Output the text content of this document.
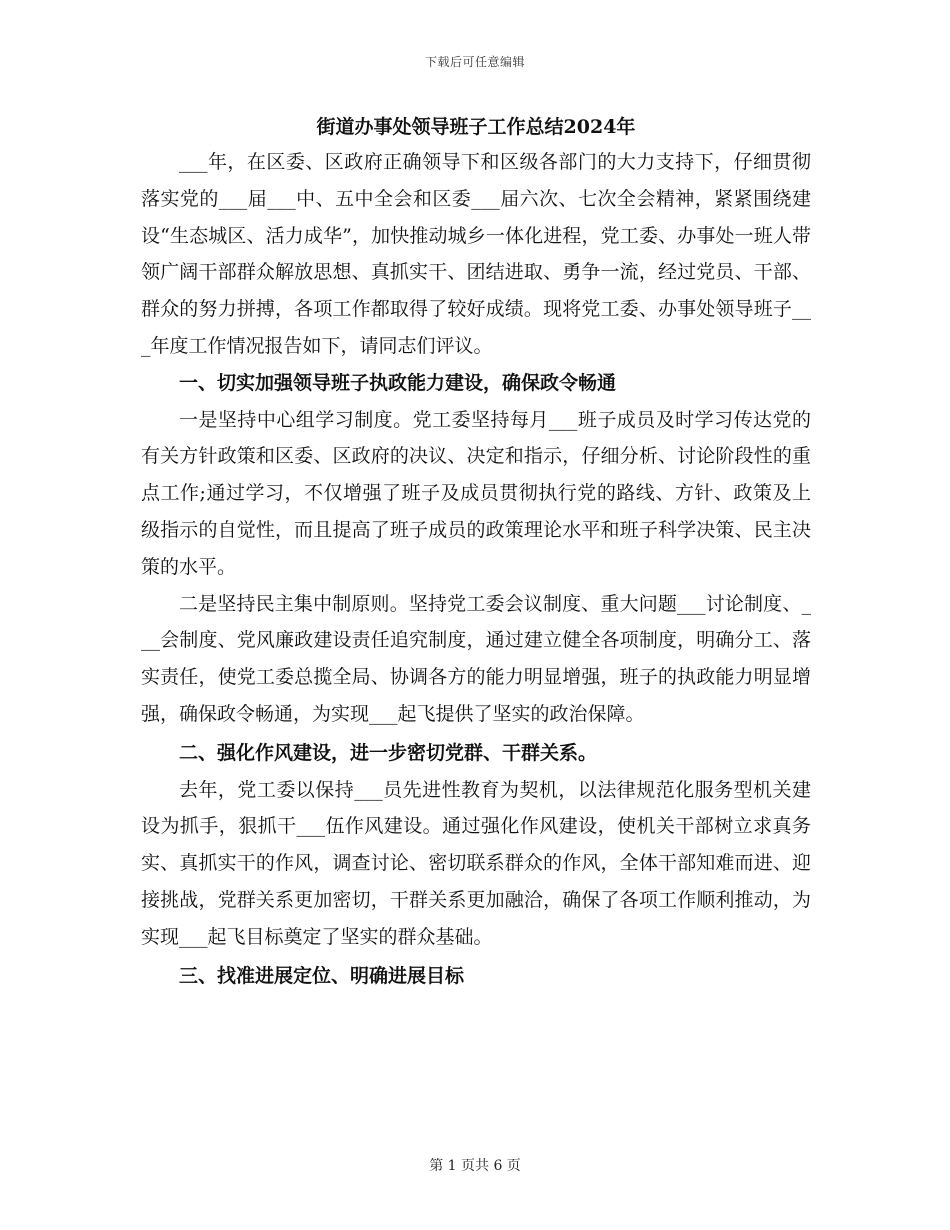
下载后可任意编辑
街道办事处领导班子工作总结2024年

___年，在区委、区政府正确领导下和区级各部门的大力支持下，仔细贯彻落实党的___届___中、五中全会和区委___届六次、七次全会精神，紧紧围绕建设“生态城区、活力成华”，加快推动城乡一体化进程，党工委、办事处一班人带领广阔干部群众解放思想、真抓实干、团结进取、勇争一流，经过党员、干部、群众的努力拼搏，各项工作都取得了较好成绩。现将党工委、办事处领导班子___年度工作情况报告如下，请同志们评议。

一、切实加强领导班子执政能力建设，确保政令畅通

一是坚持中心组学习制度。党工委坚持每月___班子成员及时学习传达党的有关方针政策和区委、区政府的决议、决定和指示，仔细分析、讨论阶段性的重点工作;通过学习，不仅增强了班子及成员贯彻执行党的路线、方针、政策及上级指示的自觉性，而且提高了班子成员的政策理论水平和班子科学决策、民主决策的水平。

二是坚持民主集中制原则。坚持党工委会议制度、重大问题___讨论制度、___会制度、党风廉政建设责任追究制度，通过建立健全各项制度，明确分工、落实责任，使党工委总揽全局、协调各方的能力明显增强，班子的执政能力明显增强，确保政令畅通，为实现___起飞提供了坚实的政治保障。

二、强化作风建设，进一步密切党群、干群关系。

去年，党工委以保持___员先进性教育为契机，以法律规范化服务型机关建设为抓手，狠抓干___伍作风建设。通过强化作风建设，使机关干部树立求真务实、真抓实干的作风，调查讨论、密切联系群众的作风，全体干部知难而进、迎接挑战，党群关系更加密切，干群关系更加融洽，确保了各项工作顺利推动，为实现___起飞目标奠定了坚实的群众基础。

三、找准进展定位、明确进展目标

第 1 页共 6 页
